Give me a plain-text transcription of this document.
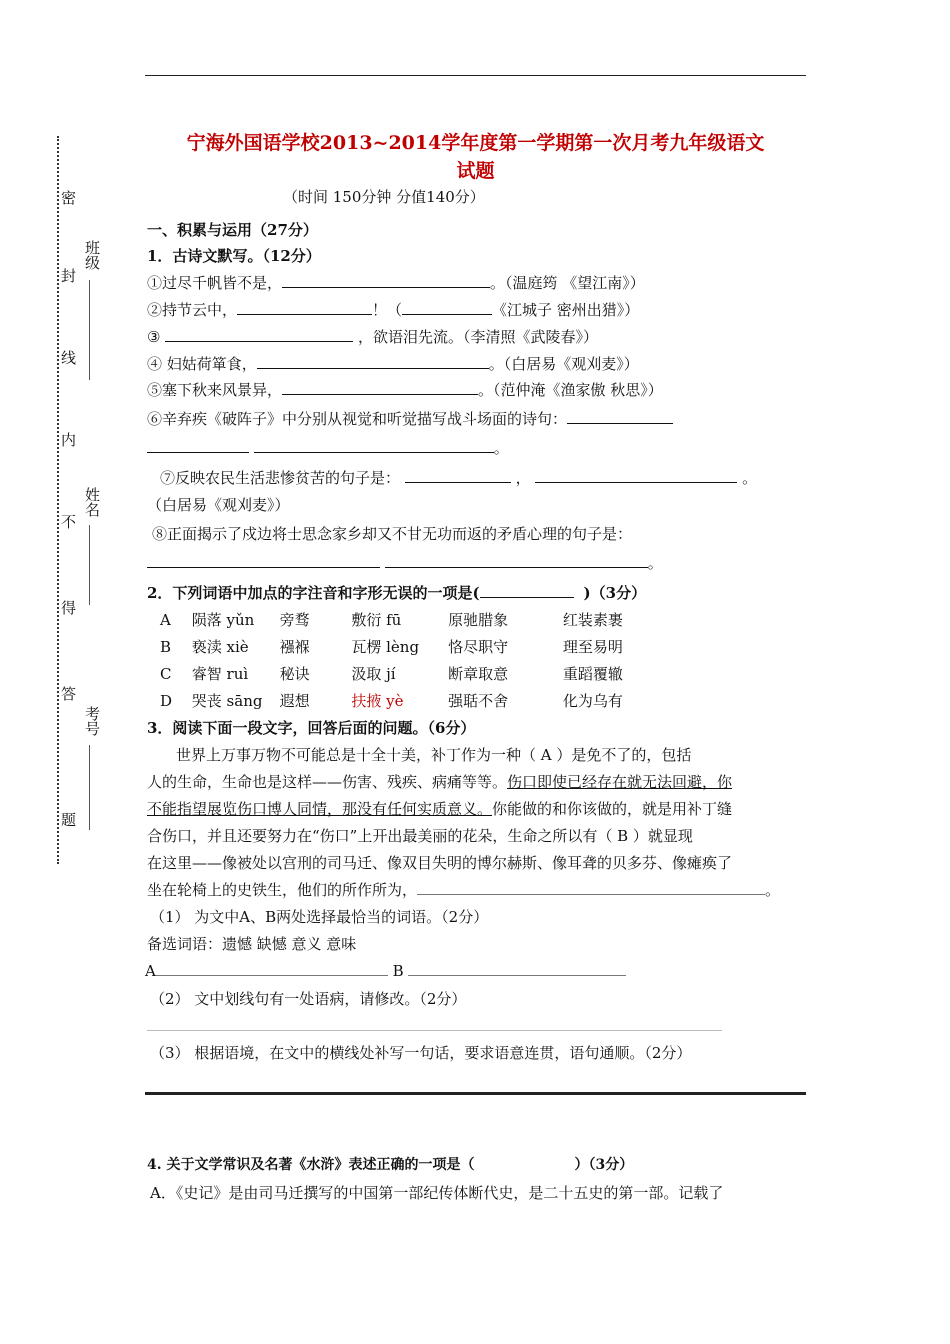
密
封
线
内
不
得
答
题
班级
姓名
考号
宁海外国语学校2013~2014学年度第一学期第一次月考九年级语文
试题
（时间 150分钟 分值140分）
一、积累与运用（27分）
1．古诗文默写。（12分）
①过尽千帆皆不是，	。（温庭筠 《望江南》）
②持节云中，	！（	《江城子 密州出猎》）
③	，欲语泪先流。（李清照《武陵春》）
④ 妇姑荷箪食，	。（白居易《观刈麦》）
⑤塞下秋来风景异，	。（范仲淹《渔家傲 秋思》）
⑥辛弃疾《破阵子》中分别从视觉和听觉描写战斗场面的诗句：
。
⑦反映农民生活悲惨贫苦的句子是：	，	。
（白居易《观刈麦》）
⑧正面揭示了戍边将士思念家乡却又不甘无功而返的矛盾心理的句子是：
。
2．下列词语中加点的字注音和字形无误的一项是(	)（3分）
A 陨落 yǔn 旁骛	敷衍 fū	原驰腊象	红装素裹
B 亵渎 xiè 襁褓	瓦楞 lèng 恪尽职守	理至易明
C 睿智 ruì 秘诀	汲取 jí	断章取意	重蹈覆辙
D 哭丧 sāng 遐想	扶掖 yè	强聒不舍	化为乌有
3．阅读下面一段文字，回答后面的问题。（6分）
世界上万事万物不可能总是十全十美，补丁作为一种（ A ）是免不了的，包括
人的生命，生命也是这样——伤害、残疾、病痛等等。伤口即使已经存在就无法回避，你
不能指望展览伤口博人同情，那没有任何实质意义。你能做的和你该做的，就是用补丁缝
合伤口，并且还要努力在“伤口”上开出最美丽的花朵，生命之所以有（ B ）就显现
在这里——像被处以宫刑的司马迁、像双目失明的博尔赫斯、像耳聋的贝多芬、像瘫痪了
坐在轮椅上的史铁生，他们的所作所为，	。
（1） 为文中A、B两处选择最恰当的词语。（2分）
备选词语：遗憾 缺憾 意义 意味
A	B
（2） 文中划线句有一处语病，请修改。（2分）
（3） 根据语境，在文中的横线处补写一句话，要求语意连贯，语句通顺。（2分）
4. 关于文学常识及名著《水浒》表述正确的一项是（	）（3分）
A．《史记》是由司马迁撰写的中国第一部纪传体断代史，是二十五史的第一部。记载了
